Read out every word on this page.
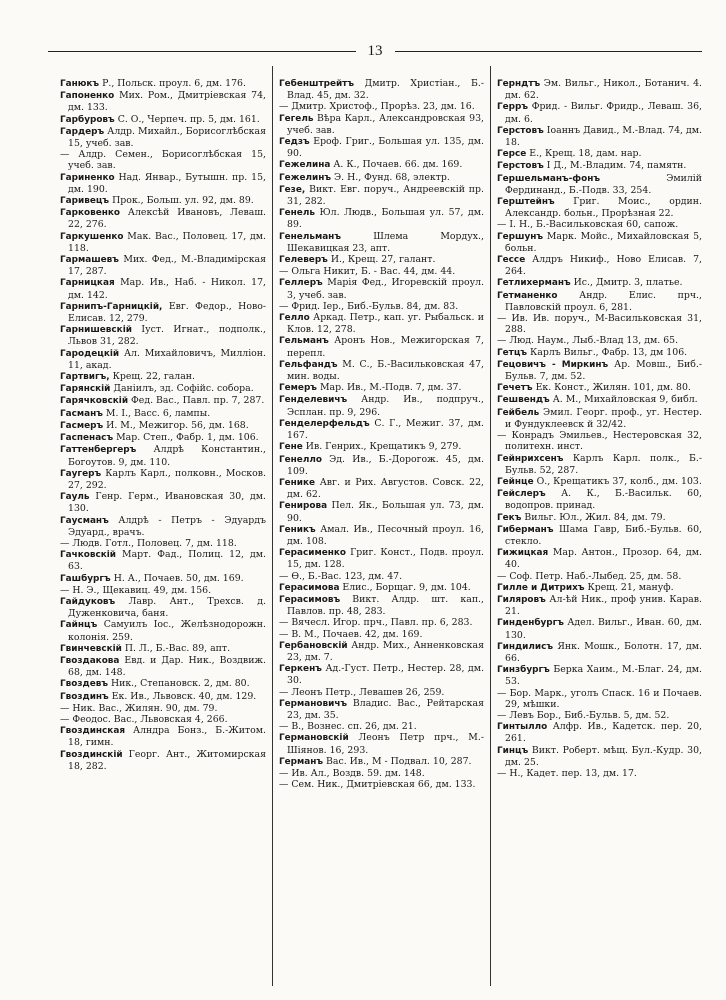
13
Ганюкъ Р., Польск. проул. 6, дм. 176.
Гапоненко Мих. Ром., Дмитріевская 74, дм. 133.
Гарбуровъ С. О., Черпеч. пр. 5, дм. 161.
Гардеръ Алдр. Михайл., Борисоглѣбская 15, учеб. зав.
— Алдр. Семен., Борисоглѣбская 15, учеб. зав.
Гариненко Над. Январ., Бутышн. пр. 15, дм. 190.
Гаривецъ Прок., Больш. ул. 92, дм. 89.
Гарковенко Алексѣй Ивановъ, Леваш. 22, 276.
Гаркушенко Мак. Вас., Половец. 17, дм. 118.
Гармашевъ Мих. Фед., М.-Владимірская 17, 287.
Гарницкая Мар. Ив., Наб. - Никол. 17, дм. 142.
Гарнипъ-Гарницкій, Евг. Федор., Ново-Елисав. 12, 279.
Гарнишевскій Іуст. Игнат., подполк., Львов 31, 282.
Гародецкій Ал. Михайловичъ, Милліон. 11, акад.
Гартвигъ, Крещ. 22, галан.
Гарянскій Даніилъ, зд. Софійс. собора.
Гарячковскій Фед. Вас., Павл. пр. 7, 287.
Гасманъ М. І., Васс. 6, лампы.
Гасмеръ И. М., Межигор. 56, дм. 168.
Гаспенасъ Мар. Степ., Фабр. 1, дм. 106.
Гаттенбергеръ Алдрѣ Константин., Богоутов. 9, дм. 110.
Гаугеръ Карлъ Карл., полковн., Москов. 27, 292.
Гауль Генр. Герм., Ивановская 30, дм. 130.
Гаусманъ Алдрѣ - Петръ - Эдуардъ Эдуард., врачъ.
— Людв. Готл., Половец. 7, дм. 118.
Гачковскій Март. Фад., Полиц. 12, дм. 63.
Гашбургъ Н. А., Почаев. 50, дм. 169.
— Н. Э., Щекавиц. 49, дм. 156.
Гайдуковъ Лавр. Ант., Трехсв. д. Дуженковича, баня.
Гайнцъ Самуилъ Іос., Желѣзнодорожн. колонія. 259.
Гвинчевскій П. Л., Б.-Вас. 89, апт.
Гвоздакова Евд. и Дар. Ник., Воздвиж. 68, дм. 148.
Гвоздевъ Ник., Степановск. 2, дм. 80.
Гвоздинъ Ек. Ив., Львовск. 40, дм. 129.
— Ник. Вас., Жилян. 90, дм. 79.
— Феодос. Вас., Львовская 4, 266.
Гвоздинская Алндра Бонз., Б.-Житом. 18, гимн.
Гвоздинскій Георг. Ант., Житомирская 18, 282.
Гебенштрейтъ Дмитр. Христіан., Б.-Влад. 45, дм. 32.
— Дмитр. Христоф., Прорѣз. 23, дм. 16.
Гегель Вѣра Карл., Александровская 93, учеб. зав.
Гедзъ Ероф. Григ., Большая ул. 135, дм. 90.
Гежелина А. К., Почаев. 66. дм. 169.
Гежелинъ Э. Н., Фунд. 68, электр.
Гезе, Викт. Евг. поруч., Андреевскій пр. 31, 282.
Генель Юл. Людв., Большая ул. 57, дм. 89.
Генельманъ Шлема Мордух., Шекавицкая 23, апт.
Гелеверъ И., Крещ. 27, галант.
— Ольга Никит, Б. - Вас. 44, дм. 44.
Геллеръ Марія Фед., Игоревскій проул. 3, учеб. зав.
— Фрид. Іер., Биб.-Бульв. 84, дм. 83.
Гелло Аркад. Петр., кап. уг. Рыбальск. и Клов. 12, 278.
Гельманъ Аронъ Нов., Межигорская 7, перепл.
Гельфандъ М. С., Б.-Васильковская 47, мин. воды.
Гемеръ Мар. Ив., М.-Подв. 7, дм. 37.
Генделевичъ Андр. Ив., подпруч., Эсплан. пр. 9, 296.
Генделерфельдъ С. Г., Межиг. 37, дм. 167.
Гене Ив. Генрих., Крещатикъ 9, 279.
Генелло Эд. Ив., Б.-Дорогож. 45, дм. 109.
Генике Авг. и Рих. Августов. Совск. 22, дм. 62.
Генирова Пел. Як., Большая ул. 73, дм. 90.
Геникъ Амал. Ив., Песочный проул. 16, дм. 108.
Герасименко Григ. Конст., Подв. проул. 15, дм. 128.
— Ѳ., Б.-Вас. 123, дм. 47.
Герасимова Елис., Борщаг. 9, дм. 104.
Герасимовъ Викт. Алдр. шт. кап., Павлов. пр. 48, 283.
— Вячесл. Игор. прч., Павл. пр. 6, 283.
— В. М., Почаев. 42, дм. 169.
Гербановскій Андр. Мих., Анненковская 23, дм. 7.
Геркенъ Ад.-Густ. Петр., Нестер. 28, дм. 30.
— Леонъ Петр., Левашев 26, 259.
Германовичъ Владис. Вас., Рейтарская 23, дм. 35.
— В., Вознес. сп. 26, дм. 21.
Германовскій Леонъ Петр прч., М.-Шіянов. 16, 293.
Германъ Вас. Ив., М - Подвал. 10, 287.
— Ив. Ал., Воздв. 59. дм. 148.
— Сем. Ник., Дмитріевская 66, дм. 133.
Герндтъ Эм. Вильг., Никол., Ботанич. 4. дм. 62.
Герръ Фрид. - Вильг. Фридр., Леваш. 36, дм. 6.
Герстовъ Іоаннъ Давид., М.-Влад. 74, дм. 18.
Герсе Е., Крещ. 18, дам. нар.
Герстовъ І Д., М.-Владим. 74, памятн.
Гершельманъ-фонъ Эмилій Фердинанд., Б.-Подв. 33, 254.
Герштейнъ Григ. Моис., ордин. Александр. больн., Прорѣзная 22.
— І. Н., Б.-Васильковская 60, сапож.
Гершунъ Марк. Мойс., Михайловская 5, больн.
Гессе Алдръ Никиф., Ново Елисав. 7, 264.
Гетлихерманъ Ис., Дмитр. 3, платье.
Гетманенко Андр. Елис. прч., Павловскій проул. 6, 281.
— Ив. Ив. поруч., М-Васильковская 31, 288.
— Люд. Наум., Лыб.-Влад 13, дм. 65.
Гетцъ Карлъ Вильг., Фабр. 13, дм 106.
Гецовичъ - Миркинъ Ар. Мовш., Биб.-Бульв. 7, дм. 52.
Гечетъ Ек. Конст., Жилян. 101, дм. 80.
Гешвендъ А. М., Михайловская 9, библ.
Гейбель Эмил. Георг. проф., уг. Нестер. и Фундуклеевск й 32/42.
— Конрадъ Эмильев., Нестеровская 32, политехн. инст.
Гейнрихсенъ Карлъ Карл. полк., Б.-Бульв. 52, 287.
Гейнце О., Крещатикъ 37, колб., дм. 103.
Гейслеръ А. К., Б.-Васильк. 60, водопров. принад.
Гекъ Вильг. Юл., Жил. 84, дм. 79.
Гиберманъ Шама Гавр, Биб.-Бульв. 60, стекло.
Гижицкая Мар. Антон., Прозор. 64, дм. 40.
— Соф. Петр. Наб.-Лыбед. 25, дм. 58.
Гилле и Дитрихъ Крещ. 21, мануф.
Гиляровъ Ал-ѣй Ник., проф унив. Карав. 21.
Гинденбургъ Адел. Вильг., Иван. 60, дм. 130.
Гиндилисъ Янк. Мошк., Болотн. 17, дм. 66.
Гинзбургъ Берка Хаим., М.-Благ. 24, дм. 53.
— Бор. Марк., уголъ Спаск. 16 и Почаев. 29, мѣшки.
— Левъ Бор., Биб.-Бульв. 5, дм. 52.
Гинтылло Алфр. Ив., Кадетск. пер. 20, 261.
Гинцъ Викт. Роберт. мѣщ. Бул.-Кудр. 30, дм. 25.
— Н., Кадет. пер. 13, дм. 17.
